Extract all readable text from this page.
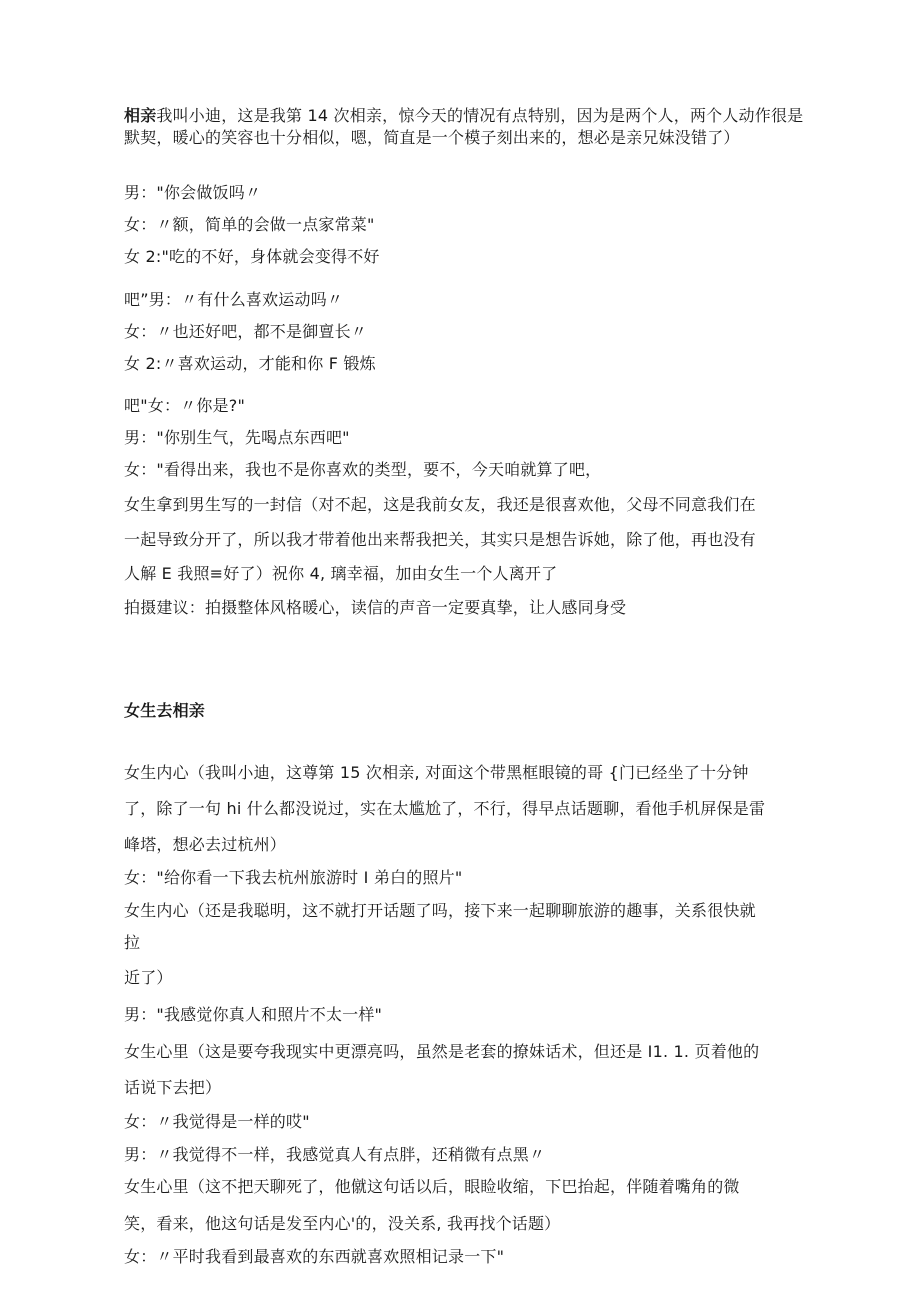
相亲我叫小迪，这是我第 14 次相亲，惊今天的情况有点特别，因为是两个人，两个人动作很是默契，暖心的笑容也十分相似，嗯，简直是一个模子刻出来的，想必是亲兄妹没错了）
男："你会做饭吗〃
女：〃额，简单的会做一点家常菜"
女 2:"吃的不好，身体就会变得不好
吧”男：〃有什么喜欢运动吗〃
女：〃也还好吧，都不是御亶长〃
女 2:〃喜欢运动，才能和你 F 锻炼
吧"女：〃你是?"
男："你别生气，先喝点东西吧"
女："看得出来，我也不是你喜欢的类型，要不，今天咱就算了吧，
女生拿到男生写的一封信（对不起，这是我前女友，我还是很喜欢他，父母不同意我们在
一起导致分开了，所以我才带着他出来帮我把关，其实只是想告诉她，除了他，再也没有
人解 E 我照≡好了）祝你 4, 璃幸福，加由女生一个人离开了
拍摄建议：拍摄整体风格暖心，读信的声音一定要真挚，让人感同身受
女生去相亲
女生内心（我叫小迪，这尊第 15 次相亲, 对面这个带黑框眼镜的哥 {门已经坐了十分钟
了，除了一句 hi 什么都没说过，实在太尴尬了，不行，得早点话题聊，看他手机屏保是雷
峰塔，想必去过杭州）
女："给你看一下我去杭州旅游时 I 弟白的照片"
女生内心（还是我聪明，这不就打开话题了吗，接下来一起聊聊旅游的趣事，关系很快就
拉
近了）
男："我感觉你真人和照片不太一样"
女生心里（这是要夸我现实中更漂亮吗，虽然是老套的撩妹话术，但还是 I1. 1. 页着他的
话说下去把）
女：〃我觉得是一样的哎"
男：〃我觉得不一样，我感觉真人有点胖，还稍微有点黑〃
女生心里（这不把天聊死了，他僦这句话以后，眼睑收缩，下巴抬起，伴随着嘴角的微
笑，看来，他这句话是发至内心'的，没关系, 我再找个话题）
女：〃平时我看到最喜欢的东西就喜欢照相记录一下"
